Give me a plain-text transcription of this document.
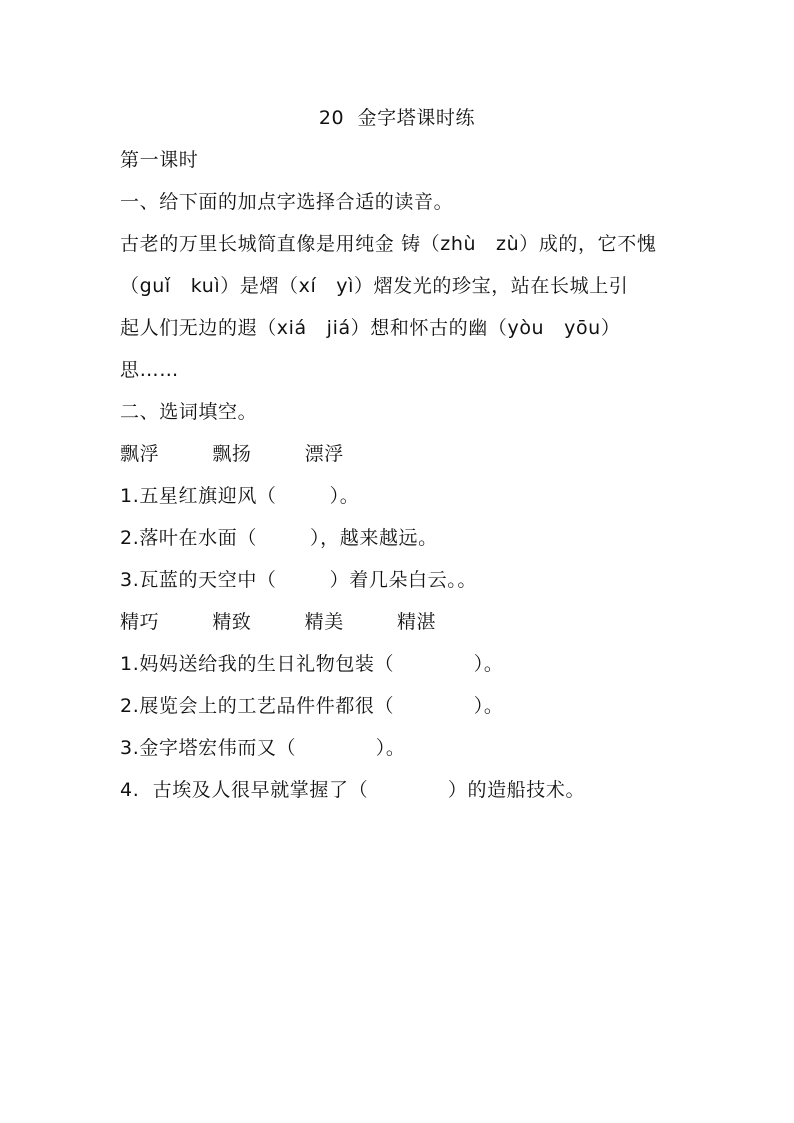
20  金字塔课时练
第一课时
一、给下面的加点字选择合适的读音。
古老的万里长城简直像是用纯金 铸（zhù   zù）成的，它不愧
（guǐ   kuì）是熠（xí   yì）熠发光的珍宝，站在长城上引
起人们无边的遐（xiá   jiá）想和怀古的幽（yòu   yōu）
思……
二、选词填空。
飘浮        飘扬        漂浮
1.五星红旗迎风（        ）。
2.落叶在水面（        ），越来越远。
3.瓦蓝的天空中（        ）着几朵白云。。
精巧        精致        精美        精湛
1.妈妈送给我的生日礼物包装（            ）。
2.展览会上的工艺品件件都很（            ）。
3.金字塔宏伟而又（            ）。
4.  古埃及人很早就掌握了（            ）的造船技术。
